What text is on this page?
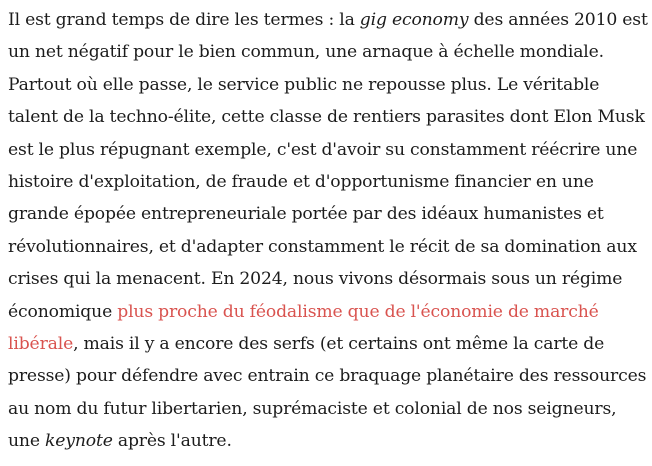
Il est grand temps de dire les termes : la gig economy des années 2010 est un net négatif pour le bien commun, une arnaque à échelle mondiale. Partout où elle passe, le service public ne repousse plus. Le véritable talent de la techno-élite, cette classe de rentiers parasites dont Elon Musk est le plus répugnant exemple, c'est d'avoir su constamment réécrire une histoire d'exploitation, de fraude et d'opportunisme financier en une grande épopée entrepreneuriale portée par des idéaux humanistes et révolutionnaires, et d'adapter constamment le récit de sa domination aux crises qui la menacent. En 2024, nous vivons désormais sous un régime économique plus proche du féodalisme que de l'économie de marché libérale, mais il y a encore des serfs (et certains ont même la carte de presse) pour défendre avec entrain ce braquage planétaire des ressources au nom du futur libertarien, suprémaciste et colonial de nos seigneurs, une keynote après l'autre.
